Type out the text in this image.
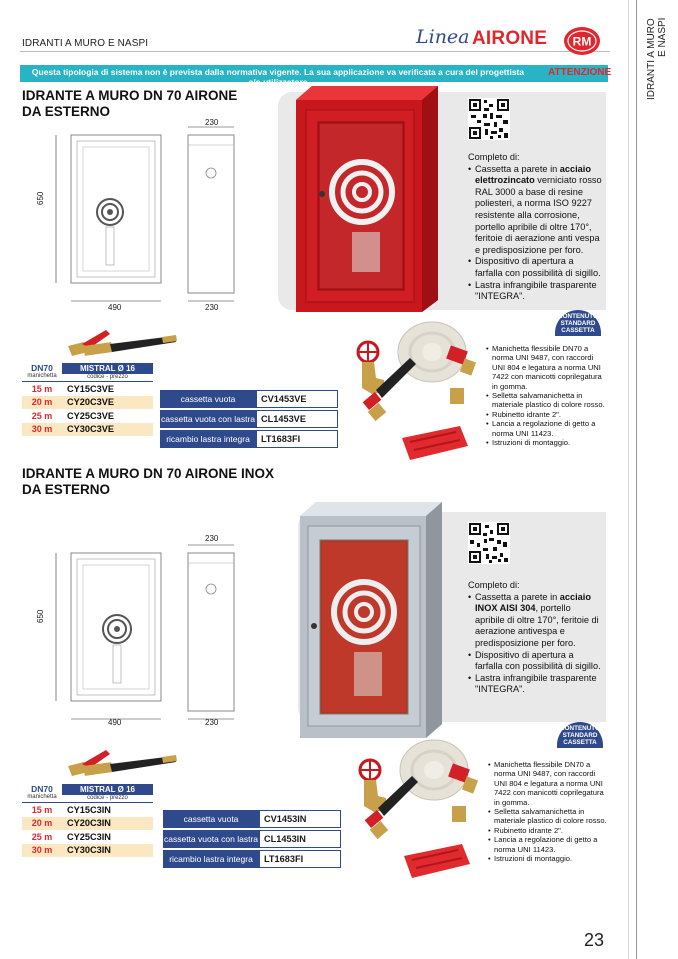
IDRANTI A MURO E NASPI	Linea AIRONE RM
Questa tipologia di sistema non è prevista dalla normativa vigente. La sua applicazione va verificata a cura del progettista e/o utilizzatore
ATTENZIONE	IDRANTI A MURO
E NASPI
IDRANTE A MURO DN 70 AIRONE
DA ESTERNO
650
490
230
230
Completo di:
• Cassetta a parete in acciaio elettrozincato verniciato rosso RAL 3000 a base di resine poliesteri, a norma ISO 9227 resistente alla corrosione, portello apribile di oltre 170°, feritoie di aerazione anti vespa e predisposizione per foro.
• Dispositivo di apertura a farfalla con possibilità di sigillo.
• Lastra infrangibile trasparente "INTEGRA".
CONTENUTO STANDARD CASSETTA
• Manichetta flessibile DN70 a norma UNI 9487, con raccordi UNI 804 e legatura a norma UNI 7422 con manicotti coprilegatura in gomma.
• Selletta salvamanichetta in materiale plastico di colore rosso.
• Rubinetto idrante 2".
• Lancia a regolazione di getto a norma UNI 11423.
• Istruzioni di montaggio.
DN70
manichetta
MISTRAL Ø 16
codice - prezzo
15 m	CY15C3VE
20 m	CY20C3VE
25 m	CY25C3VE
30 m	CY30C3VE
cassetta vuota	CV1453VE
cassetta vuota con lastra CL1453VE
ricambio lastra integra	LT1683FI
IDRANTE A MURO DN 70 AIRONE INOX
DA ESTERNO
650
490
230
230
Completo di:
• Cassetta a parete in acciaio INOX AISI 304, portello apribile di oltre 170°, feritoie di aerazione antivespa e predisposizione per foro.
• Dispositivo di apertura a farfalla con possibilità di sigillo.
• Lastra infrangibile trasparente "INTEGRA".
CONTENUTO STANDARD CASSETTA
• Manichetta flessibile DN70 a norma UNI 9487, con raccordi UNI 804 e legatura a norma UNI 7422 con manicotti coprilegatura in gomma.
• Selletta salvamanichetta in materiale plastico di colore rosso.
• Rubinetto idrante 2".
• Lancia a regolazione di getto a norma UNI 11423.
• Istruzioni di montaggio.
DN70
manichetta
MISTRAL Ø 16
codice - prezzo
15 m	CY15C3IN
20 m	CY20C3IN
25 m	CY25C3IN
30 m	CY30C3IN
cassetta vuota	CV1453IN
cassetta vuota con lastra CL1453IN
ricambio lastra integra	LT1683FI
23
